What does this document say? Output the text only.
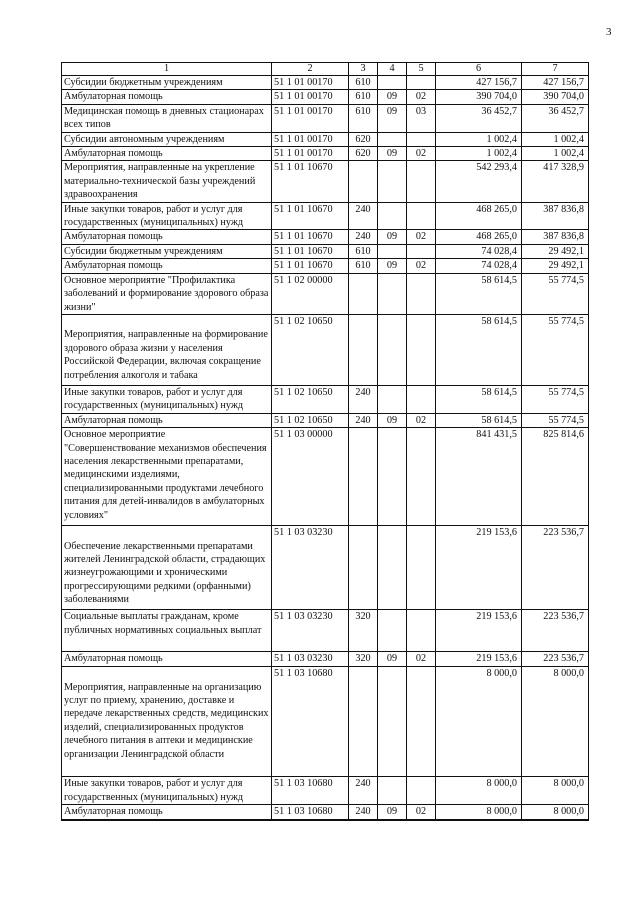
3
1	2	3	4	5	6	7
Субсидии бюджетным учреждениям	51 1 01 00170	610			427 156,7	427 156,7
Амбулаторная помощь	51 1 01 00170	610	09	02	390 704,0	390 704,0
Медицинская помощь в дневных стационарах всех типов	51 1 01 00170	610	09	03	36 452,7	36 452,7
Субсидии автономным учреждениям	51 1 01 00170	620			1 002,4	1 002,4
Амбулаторная помощь	51 1 01 00170	620	09	02	1 002,4	1 002,4
Мероприятия, направленные на укрепление материально-технической базы учреждений здравоохранения	51 1 01 10670				542 293,4	417 328,9
Иные закупки товаров, работ и услуг для государственных (муниципальных) нужд	51 1 01 10670	240			468 265,0	387 836,8
Амбулаторная помощь	51 1 01 10670	240	09	02	468 265,0	387 836,8
Субсидии бюджетным учреждениям	51 1 01 10670	610			74 028,4	29 492,1
Амбулаторная помощь	51 1 01 10670	610	09	02	74 028,4	29 492,1
Основное мероприятие "Профилактика заболеваний и формирование здорового образа жизни"	51 1 02 00000				58 614,5	55 774,5

Мероприятия, направленные на формирование здорового образа жизни у населения Российской Федерации, включая сокращение потребления алкоголя и табака	51 1 02 10650				58 614,5	55 774,5
Иные закупки товаров, работ и услуг для государственных (муниципальных) нужд	51 1 02 10650	240			58 614,5	55 774,5
Амбулаторная помощь	51 1 02 10650	240	09	02	58 614,5	55 774,5
Основное мероприятие
"Совершенствование механизмов обеспечения населения лекарственными препаратами, медицинскими изделиями, специализированными продуктами лечебного питания для детей-инвалидов в амбулаторных условиях"	51 1 03 00000				841 431,5	825 814,6

Обеспечение лекарственными препаратами жителей Ленинградской области, страдающих жизнеугрожающими и хроническими прогрессирующими редкими (орфанными) заболеваниями	51 1 03 03230				219 153,6	223 536,7
Социальные выплаты гражданам, кроме публичных нормативных социальных выплат	51 1 03 03230	320			219 153,6	223 536,7
Амбулаторная помощь	51 1 03 03230	320	09	02	219 153,6	223 536,7

Мероприятия, направленные на организацию услуг по приему, хранению, доставке и передаче лекарственных средств, медицинских изделий, специализированных продуктов лечебного питания в аптеки и медицинские организации Ленинградской области	51 1 03 10680				8 000,0	8 000,0
Иные закупки товаров, работ и услуг для государственных (муниципальных) нужд	51 1 03 10680	240			8 000,0	8 000,0
Амбулаторная помощь	51 1 03 10680	240	09	02	8 000,0	8 000,0
